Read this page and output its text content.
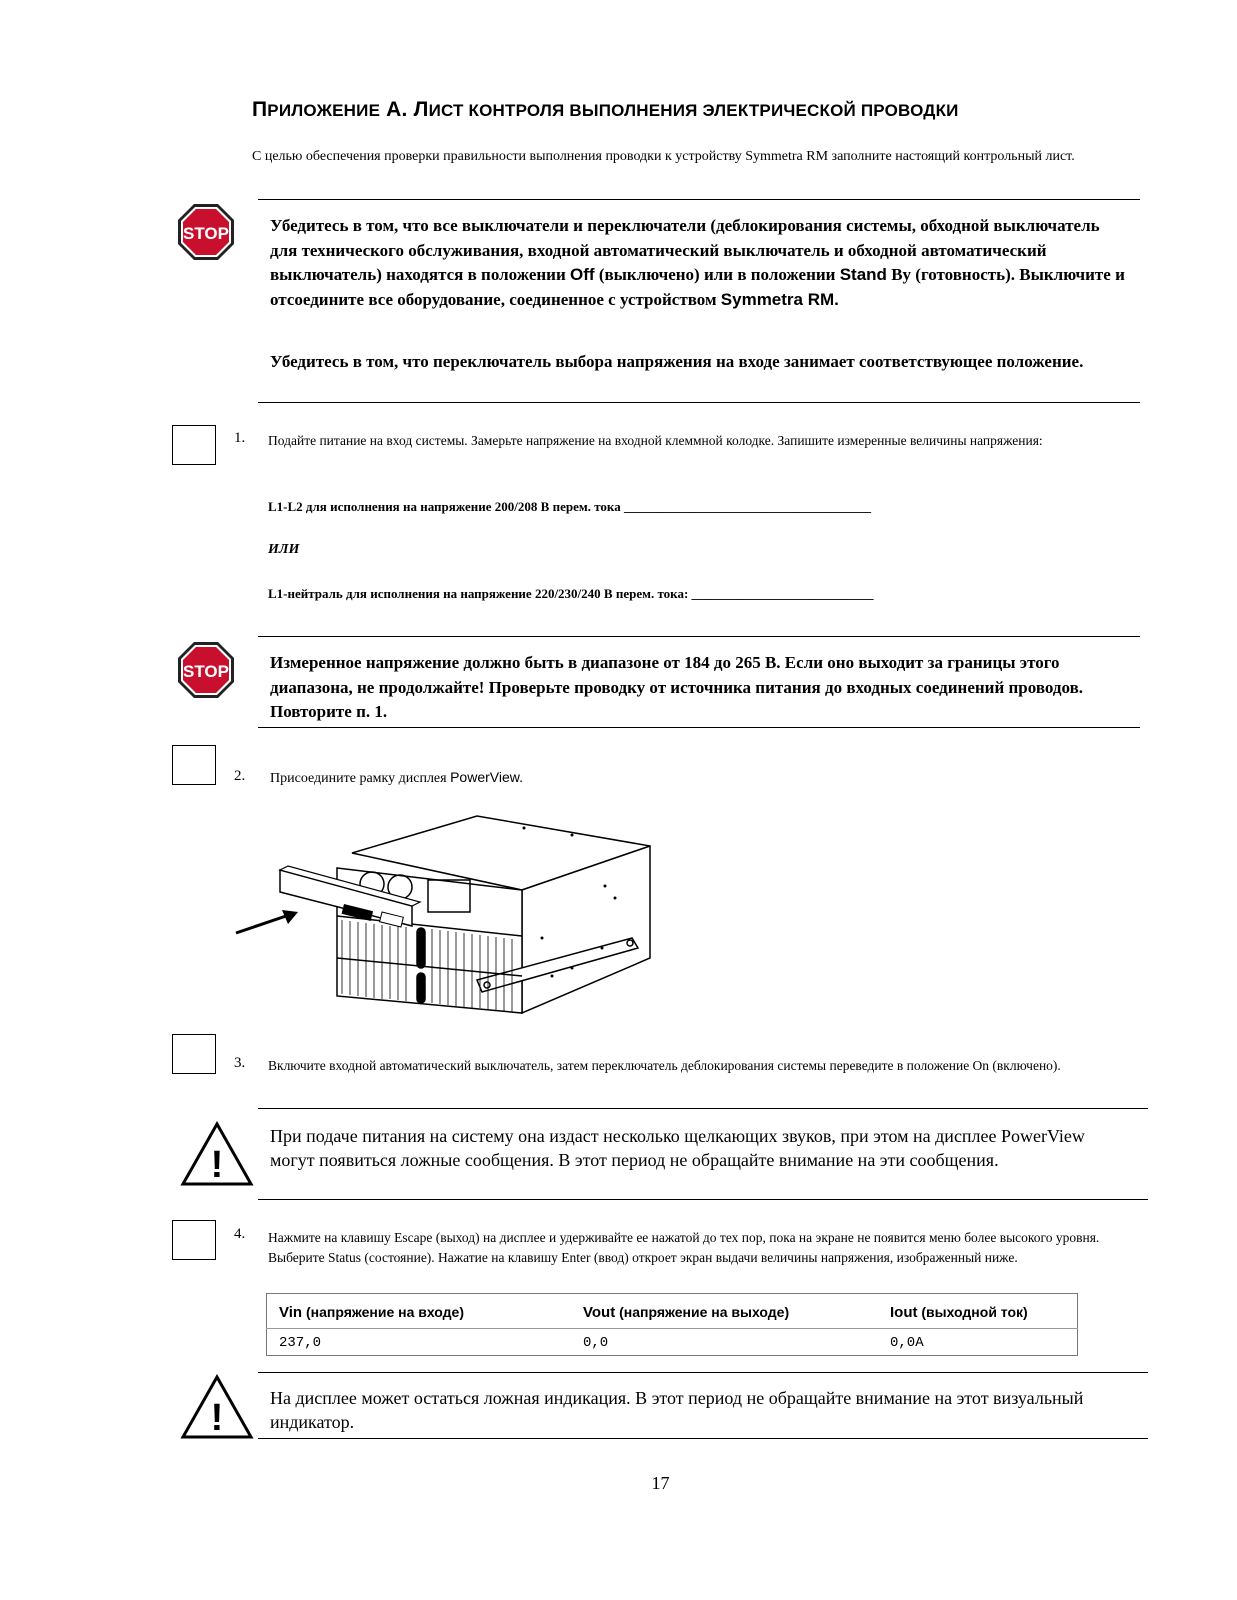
ПРИЛОЖЕНИЕ A. ЛИСТ КОНТРОЛЯ ВЫПОЛНЕНИЯ ЭЛЕКТРИЧЕСКОЙ ПРОВОДКИ
С целью обеспечения проверки правильности выполнения проводки к устройству Symmetra RM заполните настоящий контрольный лист.
STOP Убедитесь в том, что все выключатели и переключатели (деблокирования системы, обходной выключатель для технического обслуживания, входной автоматический выключатель и обходной автоматический выключатель) находятся в положении Off (выключено) или в положении Stand By (готовность). Выключите и отсоедините все оборудование, соединенное с устройством Symmetra RM.
Убедитесь в том, что переключатель выбора напряжения на входе занимает соответствующее положение.
1. Подайте питание на вход системы. Замерьте напряжение на входной клеммной колодке. Запишите измеренные величины напряжения:
L1-L2 для исполнения на напряжение 200/208 В перем. тока ______________________________________
ИЛИ
L1-нейтраль для исполнения на напряжение 220/230/240 В перем. тока: ____________________________
STOP Измеренное напряжение должно быть в диапазоне от 184 до 265 В. Если оно выходит за границы этого диапазона, не продолжайте! Проверьте проводку от источника питания до входных соединений проводов. Повторите п. 1.
2. Присоедините рамку дисплея PowerView.
3. Включите входной автоматический выключатель, затем переключатель деблокирования системы переведите в положение On (включено).
!
При подаче питания на систему она издаст несколько щелкающих звуков, при этом на дисплее PowerView могут появиться ложные сообщения. В этот период не обращайте внимание на эти сообщения.
4. Нажмите на клавишу Escape (выход) на дисплее и удерживайте ее нажатой до тех пор, пока на экране не появится меню более высокого уровня. Выберите Status (состояние). Нажатие на клавишу Enter (ввод) откроет экран выдачи величины напряжения, изображенный ниже.
Vin (напряжение на входе)	Vout (напряжение на выходе)	Iout (выходной ток)
237,0	0,0	0,0A
!	На дисплее может остаться ложная индикация. В этот период не обращайте внимание на этот визуальный индикатор.
17
